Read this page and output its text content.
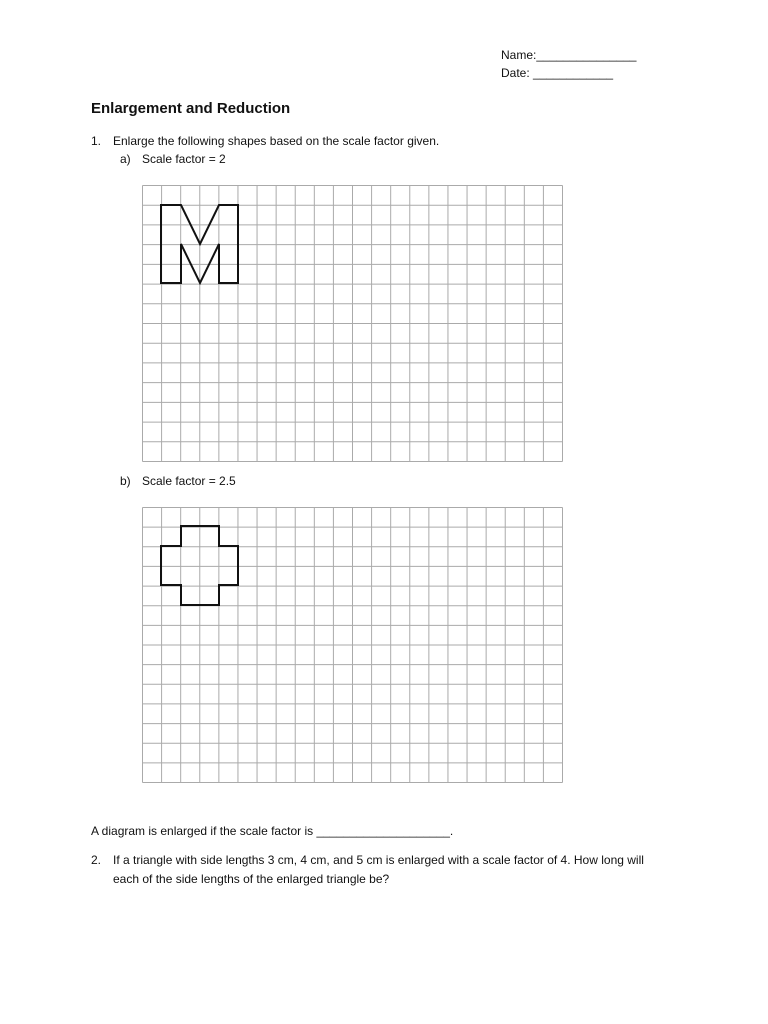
Name:_______________
Date: ____________
Enlargement and Reduction
1. Enlarge the following shapes based on the scale factor given.
a) Scale factor = 2
b) Scale factor = 2.5
A diagram is enlarged if the scale factor is ____________________.
2. If a triangle with side lengths 3 cm, 4 cm, and 5 cm is enlarged with a scale factor of 4. How long will
each of the side lengths of the enlarged triangle be?
